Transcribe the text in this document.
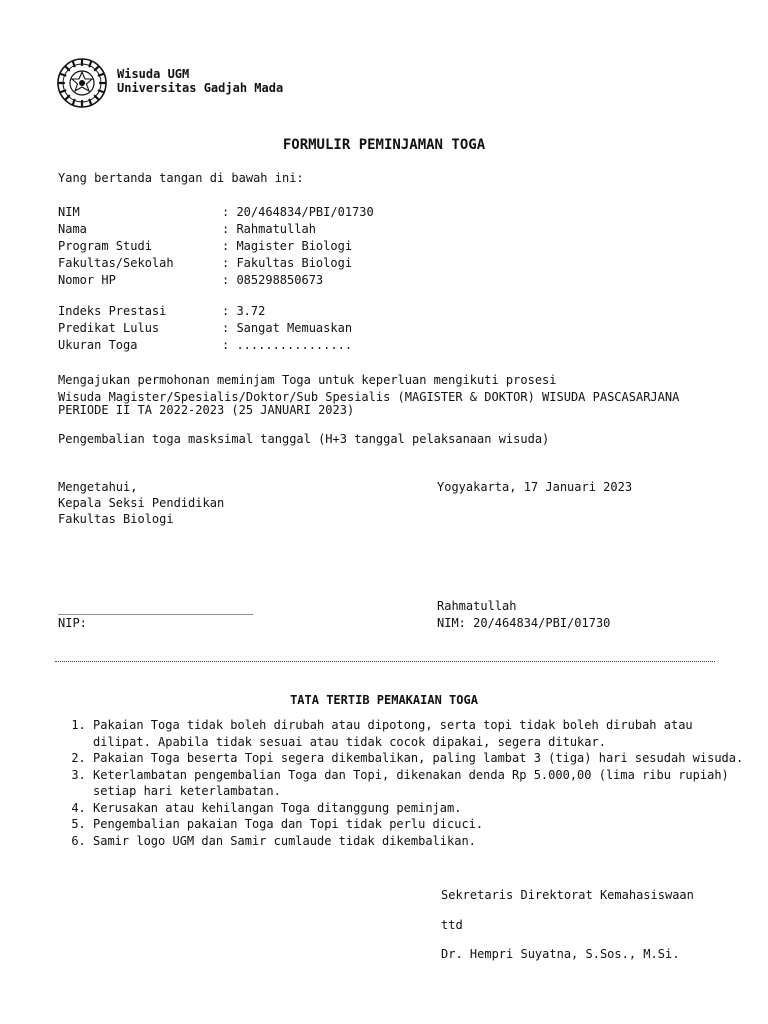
Wisuda UGM
Universitas Gadjah Mada
FORMULIR PEMINJAMAN TOGA
Yang bertanda tangan di bawah ini:
NIM	: 20/464834/PBI/01730
Nama	: Rahmatullah
Program Studi	: Magister Biologi
Fakultas/Sekolah	: Fakultas Biologi
Nomor HP	: 085298850673
Indeks Prestasi	: 3.72
Predikat Lulus	: Sangat Memuaskan
Ukuran Toga	: ................
Mengajukan permohonan meminjam Toga untuk keperluan mengikuti prosesi
Wisuda Magister/Spesialis/Doktor/Sub Spesialis (MAGISTER & DOKTOR) WISUDA PASCASARJANA
PERIODE II TA 2022-2023 (25 JANUARI 2023)
Pengembalian toga masksimal tanggal (H+3 tanggal pelaksanaan wisuda)
Mengetahui,
Kepala Seksi Pendidikan
Fakultas Biologi
___________________________
NIP:
Yogyakarta, 17 Januari 2023
Rahmatullah
NIM: 20/464834/PBI/01730
TATA TERTIB PEMAKAIAN TOGA
1. Pakaian Toga tidak boleh dirubah atau dipotong, serta topi tidak boleh dirubah atau dilipat. Apabila tidak sesuai atau tidak cocok dipakai, segera ditukar.
2. Pakaian Toga beserta Topi segera dikembalikan, paling lambat 3 (tiga) hari sesudah wisuda.
3. Keterlambatan pengembalian Toga dan Topi, dikenakan denda Rp 5.000,00 (lima ribu rupiah) setiap hari keterlambatan.
4. Kerusakan atau kehilangan Toga ditanggung peminjam.
5. Pengembalian pakaian Toga dan Topi tidak perlu dicuci.
6. Samir logo UGM dan Samir cumlaude tidak dikembalikan.
Sekretaris Direktorat Kemahasiswaan
ttd
Dr. Hempri Suyatna, S.Sos., M.Si.
